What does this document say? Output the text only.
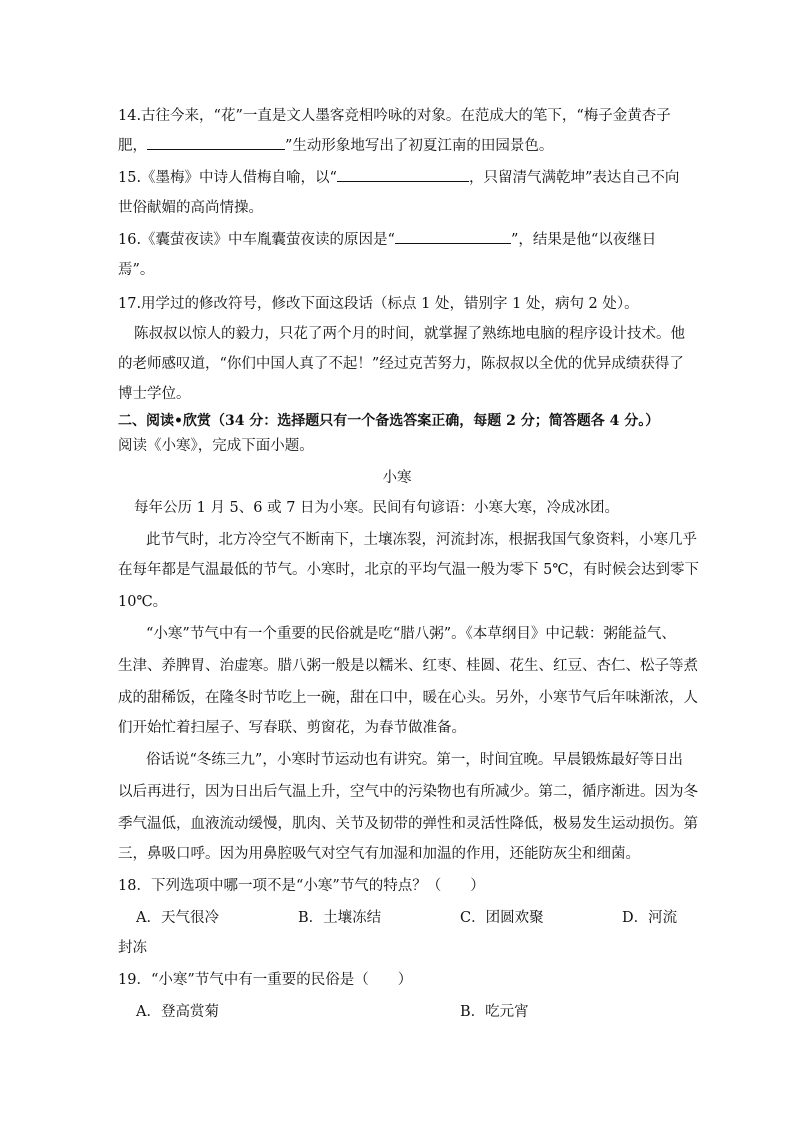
14.古往今来，“花”一直是文人墨客竞相吟咏的对象。在范成大的笔下，“梅子金黄杏子
肥，	”生动形象地写出了初夏江南的田园景色。
15.《墨梅》中诗人借梅自喻，以“	，只留清气满乾坤”表达自己不向
世俗献媚的高尚情操。
16.《囊萤夜读》中车胤囊萤夜读的原因是“	”，结果是他“以夜继日
焉”。
17.用学过的修改符号，修改下面这段话（标点 1 处，错别字 1 处，病句 2 处）。
陈叔叔以惊人的毅力，只花了两个月的时间，就掌握了熟练地电脑的程序设计技术。他
的老师感叹道，“你们中国人真了不起！”经过克苦努力，陈叔叔以全优的优异成绩获得了
博士学位。
二、阅读•欣赏（34 分：选择题只有一个备选答案正确，每题 2 分；简答题各 4 分。）
阅读《小寒》，完成下面小题。
小寒
每年公历 1 月 5、6 或 7 日为小寒。民间有句谚语：小寒大寒，冷成冰团。
此节气时，北方冷空气不断南下，土壤冻裂，河流封冻，根据我国气象资料，小寒几乎
在每年都是气温最低的节气。小寒时，北京的平均气温一般为零下 5℃，有时候会达到零下
10℃。
“小寒”节气中有一个重要的民俗就是吃“腊八粥”。《本草纲目》中记载：粥能益气、
生津、养脾胃、治虚寒。腊八粥一般是以糯米、红枣、桂圆、花生、红豆、杏仁、松子等煮
成的甜稀饭，在隆冬时节吃上一碗，甜在口中，暖在心头。另外，小寒节气后年味渐浓，人
们开始忙着扫屋子、写春联、剪窗花，为春节做准备。
俗话说“冬练三九”，小寒时节运动也有讲究。第一，时间宜晚。早晨锻炼最好等日出
以后再进行，因为日出后气温上升，空气中的污染物也有所减少。第二，循序渐进。因为冬
季气温低，血液流动缓慢，肌肉、关节及韧带的弹性和灵活性降低，极易发生运动损伤。第
三，鼻吸口呼。因为用鼻腔吸气对空气有加湿和加温的作用，还能防灰尘和细菌。
18．下列选项中哪一项不是“小寒”节气的特点？（　　）
A．天气很冷	B．土壤冻结	C．团圆欢聚	D．河流
封冻
19．“小寒”节气中有一重要的民俗是（　　）
A．登高赏菊	B．吃元宵
